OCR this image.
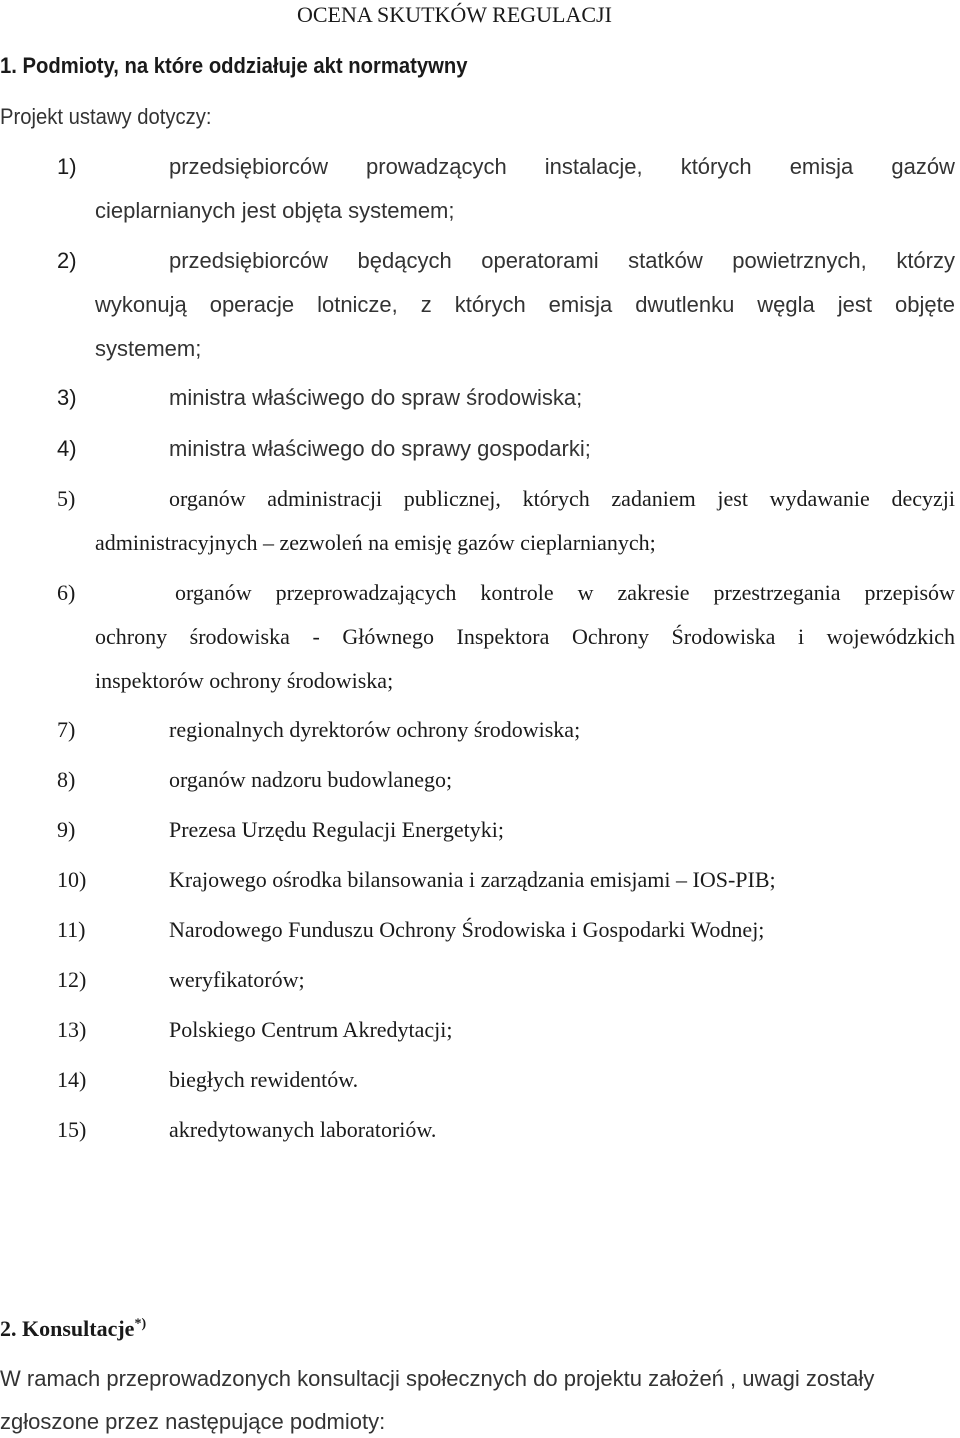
OCENA SKUTKÓW REGULACJI
1. Podmioty, na które oddziałuje akt normatywny
Projekt ustawy dotyczy:
1)	przedsiębiorców prowadzących instalacje, których emisja gazów
cieplarnianych jest objęta systemem;
2)	przedsiębiorców będących operatorami statków powietrznych, którzy
wykonują operacje lotnicze, z których emisja dwutlenku węgla jest objęte
systemem;
3)	ministra właściwego do spraw środowiska;
4)	ministra właściwego do sprawy gospodarki;
5)	organów administracji publicznej, których zadaniem jest wydawanie decyzji
administracyjnych – zezwoleń na emisję gazów cieplarnianych;
6)	organów przeprowadzających kontrole w zakresie przestrzegania przepisów
ochrony środowiska - Głównego Inspektora Ochrony Środowiska i wojewódzkich
inspektorów ochrony środowiska;
7)	regionalnych dyrektorów ochrony środowiska;
8)	organów nadzoru budowlanego;
9)	Prezesa Urzędu Regulacji Energetyki;
10)	Krajowego ośrodka bilansowania i zarządzania emisjami – IOS-PIB;
11)	Narodowego Funduszu Ochrony Środowiska i Gospodarki Wodnej;
12)	weryfikatorów;
13)	Polskiego Centrum Akredytacji;
14)	biegłych rewidentów.
15)	akredytowanych laboratoriów.
2. Konsultacje*)
W ramach przeprowadzonych konsultacji społecznych do projektu założeń , uwagi zostały
zgłoszone przez następujące podmioty:
